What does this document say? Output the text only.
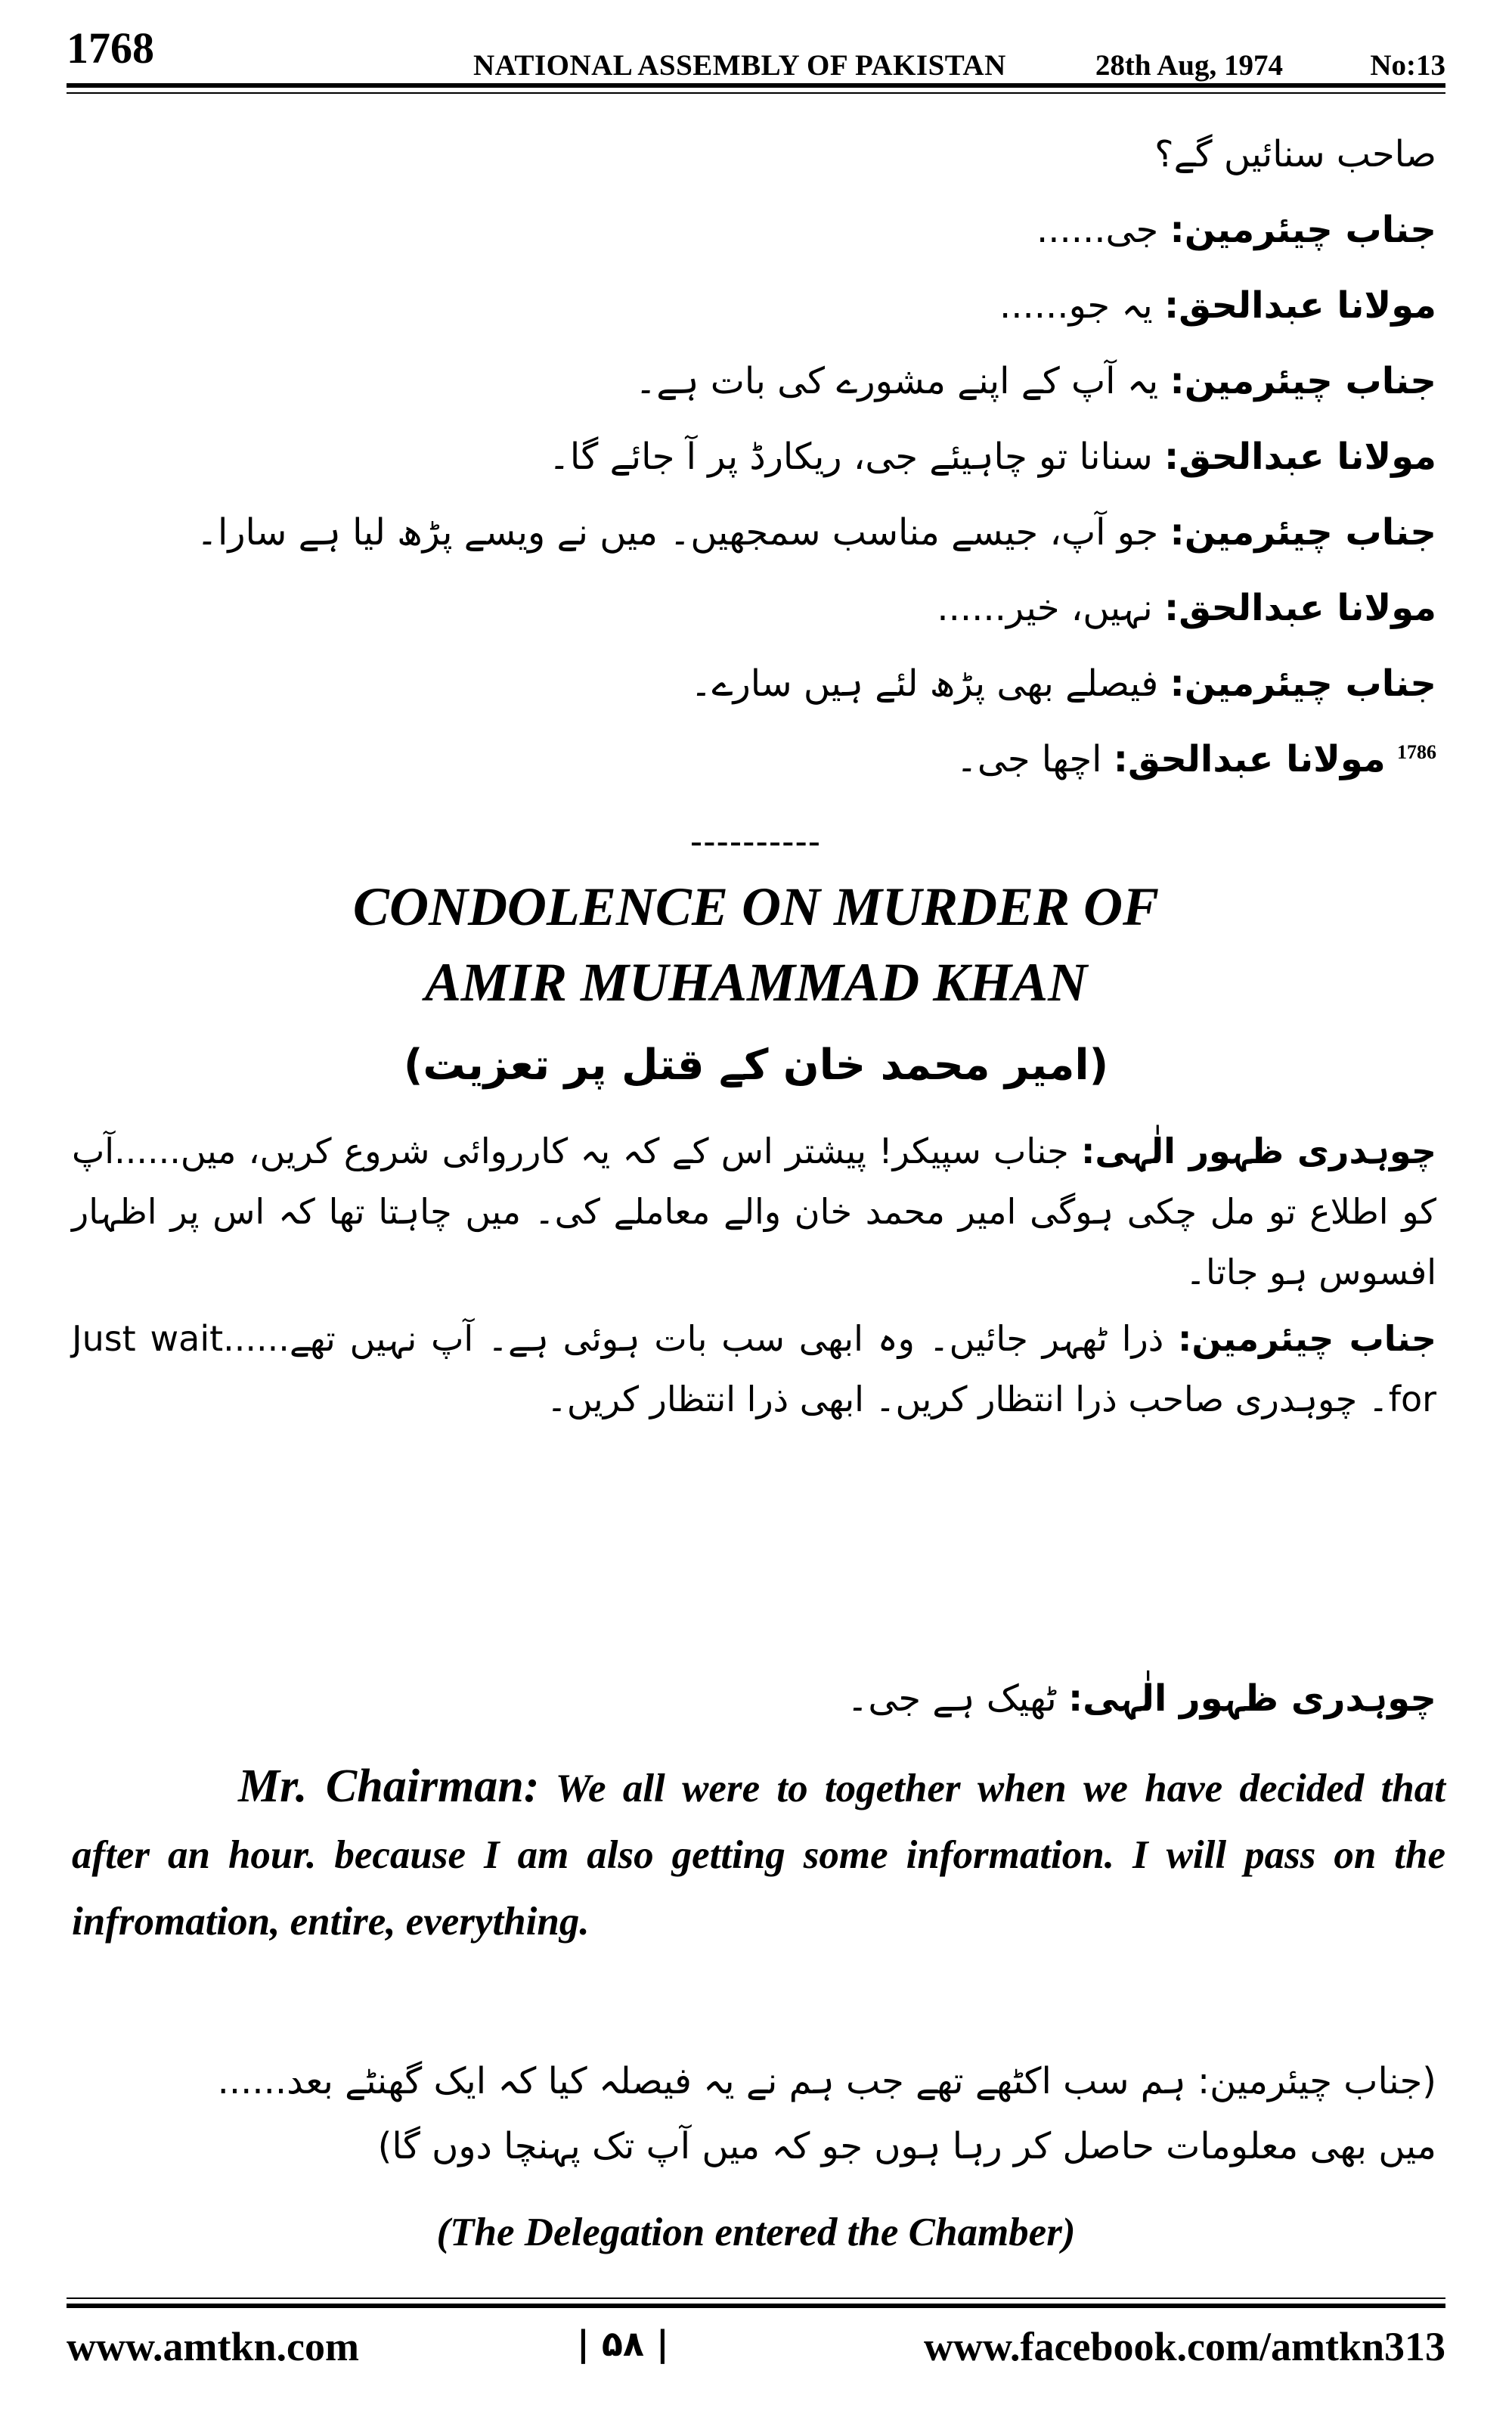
1768	NATIONAL ASSEMBLY OF PAKISTAN	28th Aug, 1974	No:13
صاحب سنائیں گے؟
جناب چیئرمین: جی......
مولانا عبدالحق: یہ جو......
جناب چیئرمین: یہ آپ کے اپنے مشورے کی بات ہے۔
مولانا عبدالحق: سنانا تو چاہیئے جی، ریکارڈ پر آ جائے گا۔
جناب چیئرمین: جو آپ، جیسے مناسب سمجھیں۔ میں نے ویسے پڑھ لیا ہے سارا۔
مولانا عبدالحق: نہیں، خیر......
جناب چیئرمین: فیصلے بھی پڑھ لئے ہیں سارے۔
$^{1786}$ مولانا عبدالحق: اچھا جی۔
----------
CONDOLENCE ON MURDER OF
AMIR MUHAMMAD KHAN
(امیر محمد خان کے قتل پر تعزیت)
چوہدری ظہور الٰہی: جناب سپیکر! پیشتر اس کے کہ یہ کارروائی شروع کریں، میں......آپ کو اطلاع تو مل چکی ہوگی امیر محمد خان والے معاملے کی۔ میں چاہتا تھا کہ اس پر اظہار افسوس ہو جاتا۔
جناب چیئرمین: ذرا ٹھہر جائیں۔ وہ ابھی سب بات ہوئی ہے۔ آپ نہیں تھے......Just wait for۔ چوہدری صاحب ذرا انتظار کریں۔ ابھی ذرا انتظار کریں۔
چوہدری ظہور الٰہی: ٹھیک ہے جی۔
Mr. Chairman: We all were to together when we have decided that after an hour. because I am also getting some information. I will pass on the infromation, entire, everything.
(جناب چیئرمین: ہم سب اکٹھے تھے جب ہم نے یہ فیصلہ کیا کہ ایک گھنٹے بعد......
میں بھی معلومات حاصل کر رہا ہوں جو کہ میں آپ تک پہنچا دوں گا)
(The Delegation entered the Chamber)
www.amtkn.com	| ۵۸ |	www.facebook.com/amtkn313
